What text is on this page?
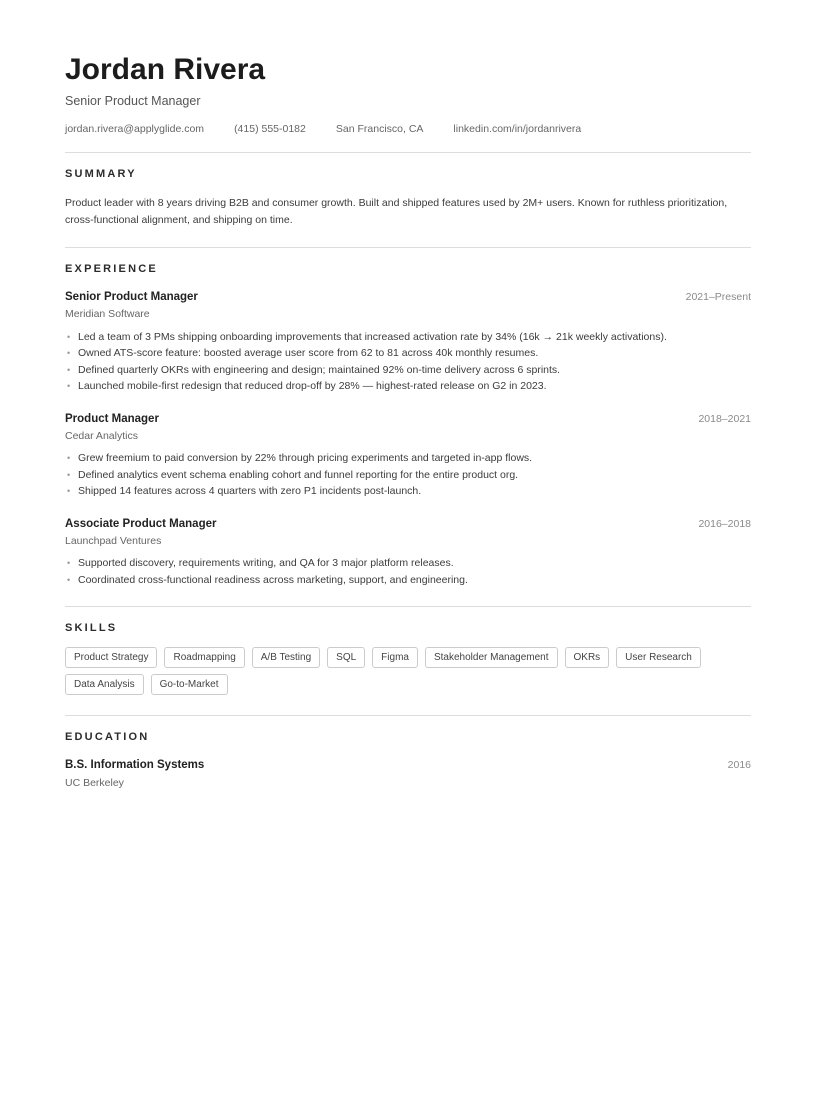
Jordan Rivera
Senior Product Manager
jordan.rivera@applyglide.com	(415) 555-0182	San Francisco, CA	linkedin.com/in/jordanrivera
SUMMARY

Product leader with 8 years driving B2B and consumer growth. Built and shipped features used by 2M+ users. Known for ruthless prioritization, cross-functional alignment, and shipping on time.

EXPERIENCE
Senior Product Manager	2021–Present
Meridian Software
•
Led a team of 3 PMs shipping onboarding improvements that increased activation rate by 34% (16k → 21k weekly activations).
•
Owned ATS-score feature: boosted average user score from 62 to 81 across 40k monthly resumes.
•
Defined quarterly OKRs with engineering and design; maintained 92% on-time delivery across 6 sprints.
•
Launched mobile-first redesign that reduced drop-off by 28% — highest-rated release on G2 in 2023.
Product Manager	2018–2021
Cedar Analytics
•
Grew freemium to paid conversion by 22% through pricing experiments and targeted in-app flows.
•
Defined analytics event schema enabling cohort and funnel reporting for the entire product org.
•
Shipped 14 features across 4 quarters with zero P1 incidents post-launch.
Associate Product Manager	2016–2018
Launchpad Ventures
•
Supported discovery, requirements writing, and QA for 3 major platform releases.
•
Coordinated cross-functional readiness across marketing, support, and engineering.
SKILLS
Product Strategy	Roadmapping	A/B Testing	SQL	Figma	Stakeholder Management	OKRs	User Research
Data Analysis	Go-to-Market
EDUCATION
B.S. Information Systems	2016
UC Berkeley
